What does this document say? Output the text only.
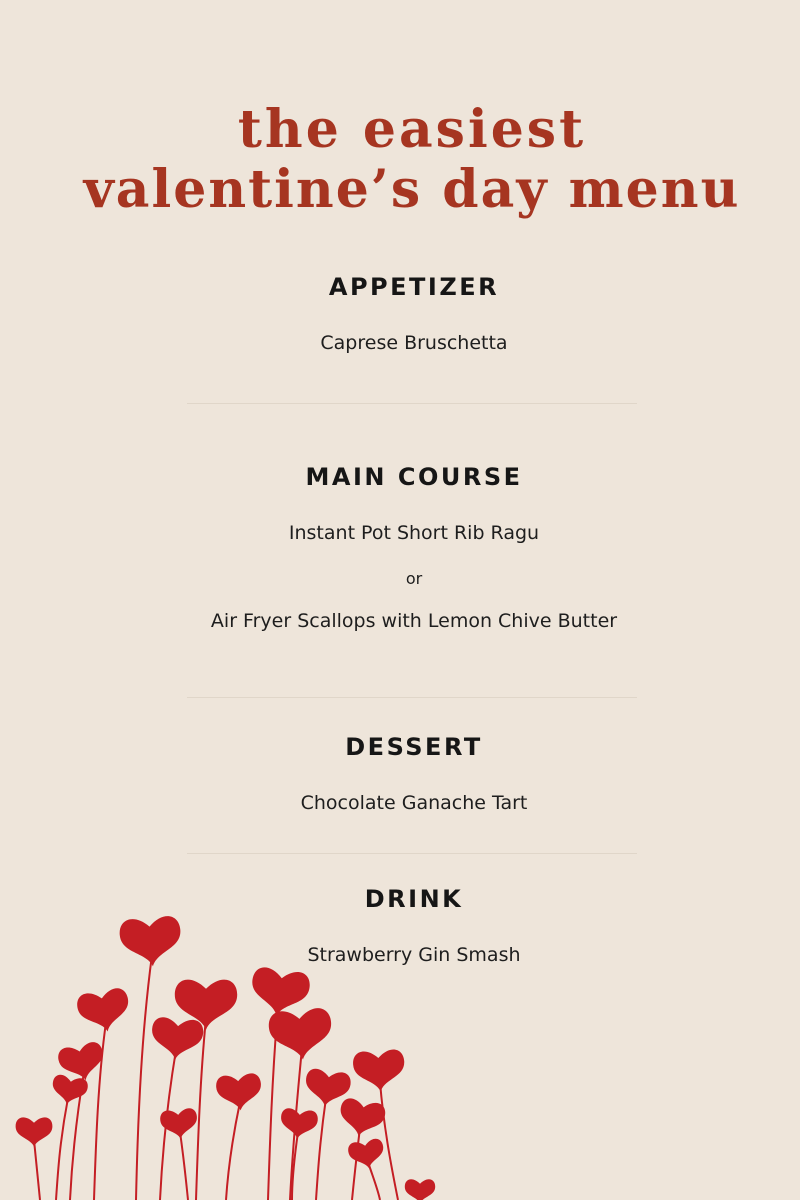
the easiest
valentine’s day menu
APPETIZER
Caprese Bruschetta
MAIN COURSE
Instant Pot Short Rib Ragu
or
Air Fryer Scallops with Lemon Chive Butter
DESSERT
Chocolate Ganache Tart
DRINK
Strawberry Gin Smash
